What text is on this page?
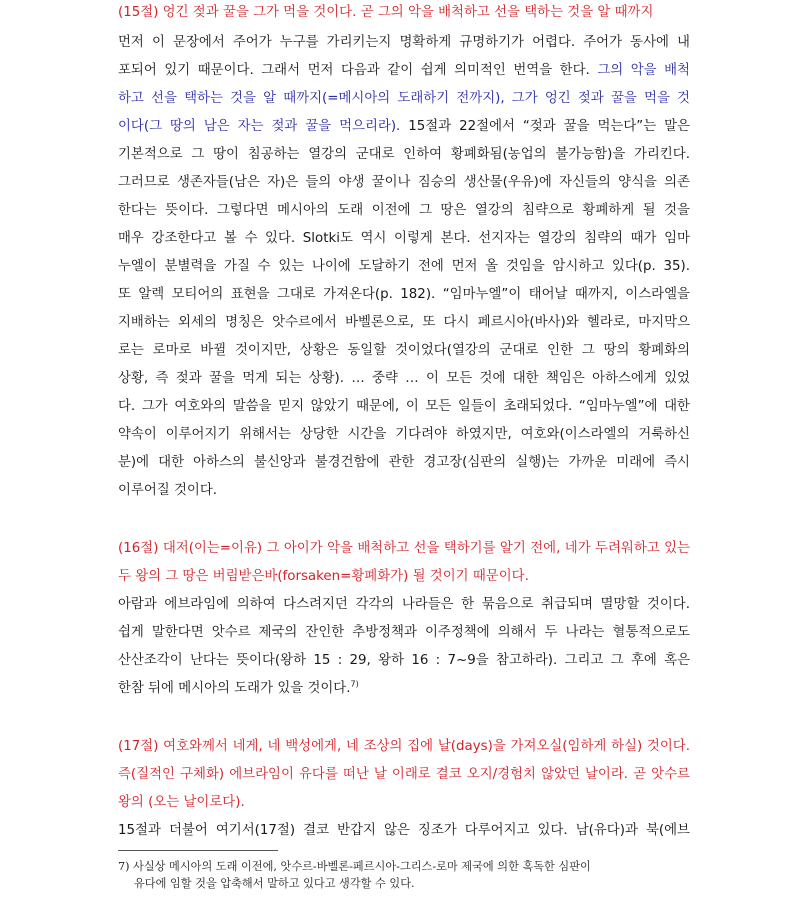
(15절) 엉긴 젖과 꿀을 그가 먹을 것이다. 곧 그의 악을 배척하고 선을 택하는 것을 알 때까지
먼저 이 문장에서 주어가 누구를 가리키는지 명확하게 규명하기가 어렵다. 주어가 동사에 내
포되어 있기 때문이다. 그래서 먼저 다음과 같이 쉽게 의미적인 번역을 한다. 그의 악을 배척
하고 선을 택하는 것을 알 때까지(=메시아의 도래하기 전까지), 그가 엉긴 젖과 꿀을 먹을 것
이다(그 땅의 남은 자는 젖과 꿀을 먹으리라). 15절과 22절에서 “젖과 꿀을 먹는다”는 말은
기본적으로 그 땅이 침공하는 열강의 군대로 인하여 황폐화됨(농업의 불가능함)을 가리킨다.
그러므로 생존자들(남은 자)은 들의 야생 꿀이나 짐승의 생산물(우유)에 자신들의 양식을 의존
한다는 뜻이다. 그렇다면 메시아의 도래 이전에 그 땅은 열강의 침략으로 황폐하게 될 것을
매우 강조한다고 볼 수 있다. Slotki도 역시 이렇게 본다. 선지자는 열강의 침략의 때가 임마
누엘이 분별력을 가질 수 있는 나이에 도달하기 전에 먼저 올 것임을 암시하고 있다(p. 35).
또 알렉 모티어의 표현을 그대로 가져온다(p. 182). “임마누엘”이 태어날 때까지, 이스라엘을
지배하는 외세의 명칭은 앗수르에서 바벨론으로, 또 다시 페르시아(바사)와 헬라로, 마지막으
로는 로마로 바뀔 것이지만, 상황은 동일할 것이었다(열강의 군대로 인한 그 땅의 황폐화의
상황, 즉 젖과 꿀을 먹게 되는 상황). … 중략 … 이 모든 것에 대한 책임은 아하스에게 있었
다. 그가 여호와의 말씀을 믿지 않았기 때문에, 이 모든 일들이 초래되었다. “임마누엘”에 대한
약속이 이루어지기 위해서는 상당한 시간을 기다려야 하였지만, 여호와(이스라엘의 거룩하신
분)에 대한 아하스의 불신앙과 불경건함에 관한 경고장(심판의 실행)는 가까운 미래에 즉시
이루어질 것이다.
(16절) 대저(이는=이유) 그 아이가 악을 배척하고 선을 택하기를 알기 전에, 네가 두려워하고 있는
두 왕의 그 땅은 버림받은바(forsaken=황폐화가) 될 것이기 때문이다.
아람과 에브라임에 의하여 다스려지던 각각의 나라들은 한 묶음으로 취급되며 멸망할 것이다.
쉽게 말한다면 앗수르 제국의 잔인한 추방정책과 이주정책에 의해서 두 나라는 혈통적으로도
산산조각이 난다는 뜻이다(왕하 15 : 29, 왕하 16 : 7~9을 참고하라). 그리고 그 후에 혹은
한참 뒤에 메시아의 도래가 있을 것이다.$^{7)}$
(17절) 여호와께서 네게, 네 백성에게, 네 조상의 집에 날(days)을 가져오실(임하게 하실) 것이다.
즉(질적인 구체화) 에브라임이 유다를 떠난 날 이래로 결코 오지/경험치 않았던 날이라. 곧 앗수르
왕의 (오는 날이로다).
15절과 더불어 여기서(17절) 결코 반갑지 않은 징조가 다루어지고 있다. 남(유다)과 북(에브
7) 사실상 메시아의 도래 이전에, 앗수르-바벨론-페르시아-그리스-로마 제국에 의한 혹독한 심판이
유다에 임할 것을 압축해서 말하고 있다고 생각할 수 있다.
